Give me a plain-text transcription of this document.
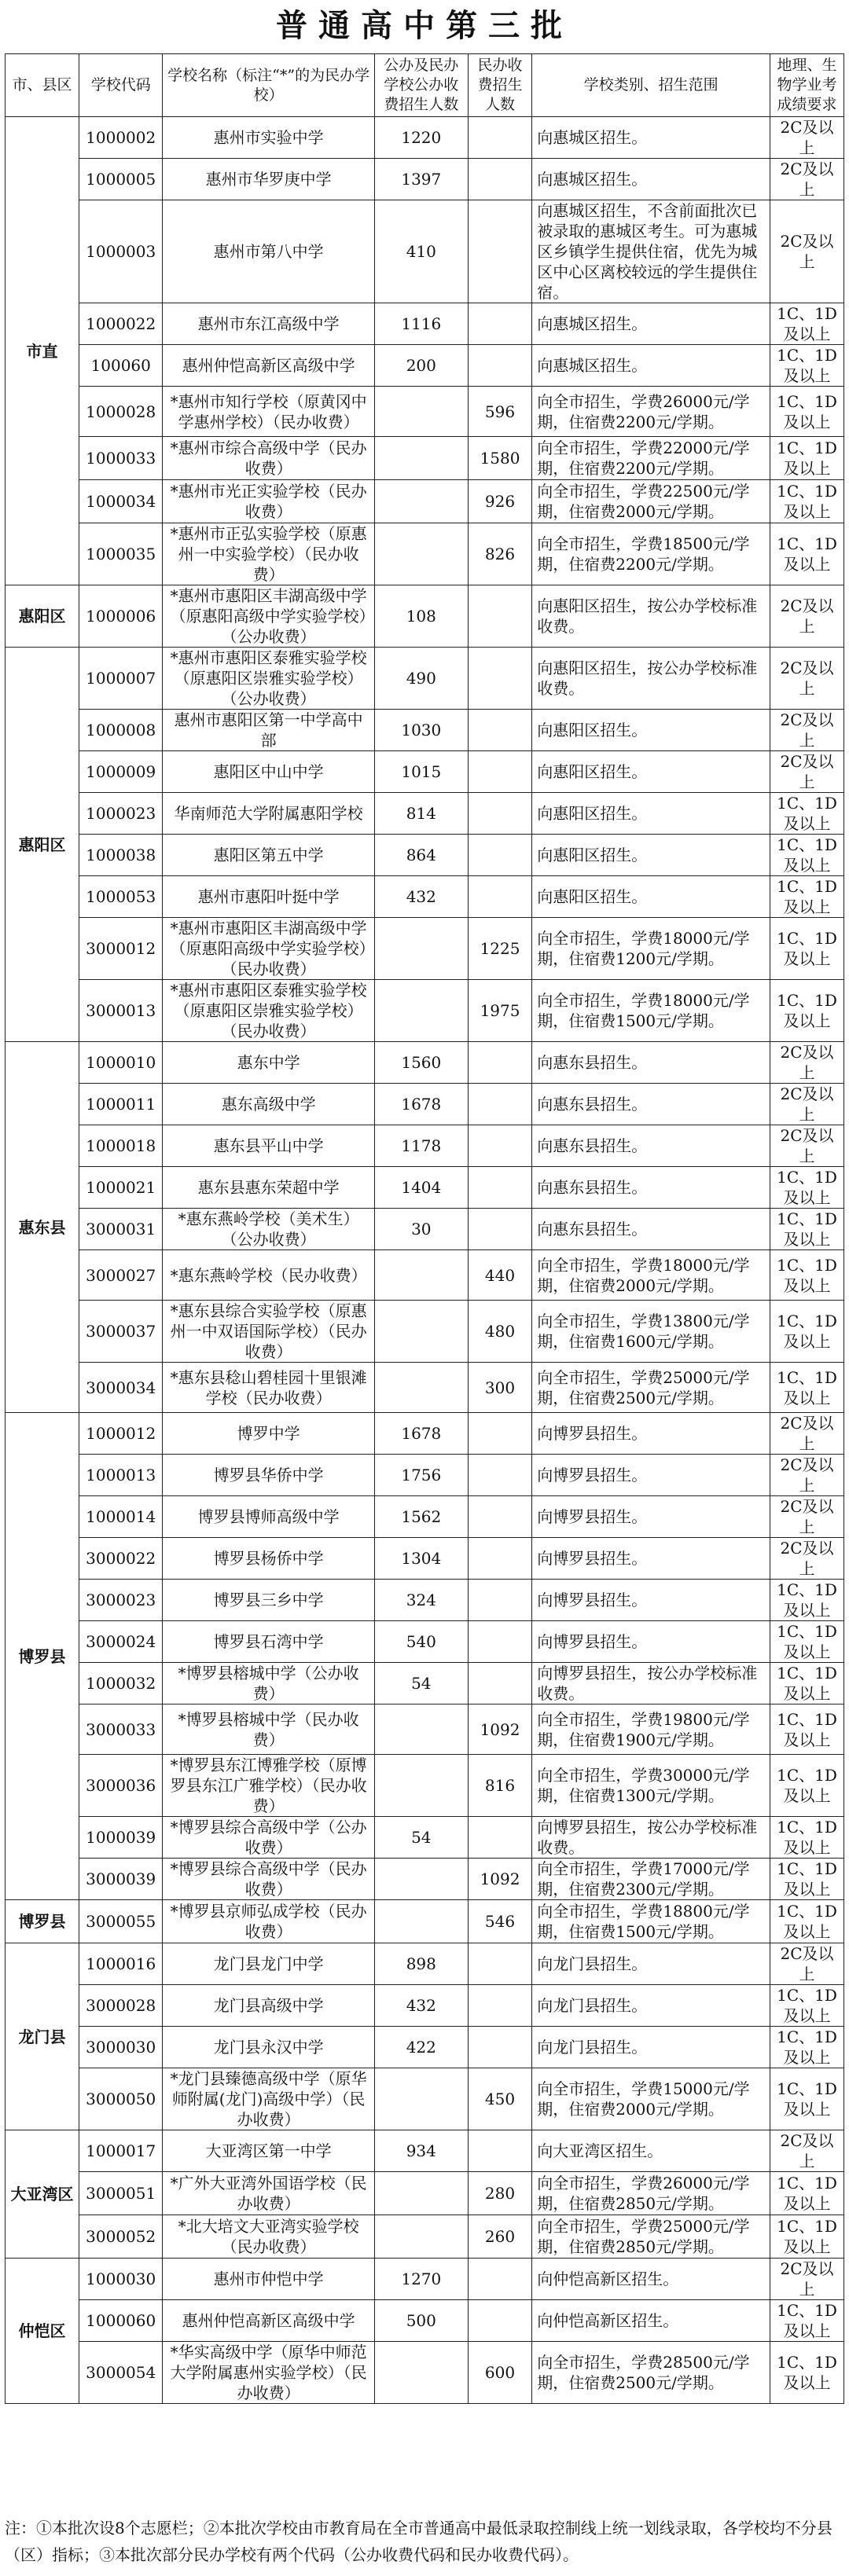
普通高中第三批
市、县区	学校代码	学校名称（标注“*”的为民办学校）	公办及民办学校公办收费招生人数	民办收费招生人数	学校类别、招生范围	地理、生物学业考成绩要求
市直	1000002	惠州市实验中学	1220		向惠城区招生。	2C及以上
	1000005	惠州市华罗庚中学	1397		向惠城区招生。	2C及以上
	1000003	惠州市第八中学	410		向惠城区招生，不含前面批次已被录取的惠城区考生。可为惠城区乡镇学生提供住宿，优先为城区中心区离校较远的学生提供住宿。	2C及以上
	1000022	惠州市东江高级中学	1116		向惠城区招生。	1C、1D及以上
	100060	惠州仲恺高新区高级中学	200		向惠城区招生。	1C、1D及以上
	1000028	*惠州市知行学校（原黄冈中学惠州学校）（民办收费）		596	向全市招生，学费26000元/学期，住宿费2200元/学期。	1C、1D及以上
	1000033	*惠州市综合高级中学（民办收费）		1580	向全市招生，学费22000元/学期，住宿费2200元/学期。	1C、1D及以上
	1000034	*惠州市光正实验学校（民办收费）		926	向全市招生，学费22500元/学期，住宿费2000元/学期。	1C、1D及以上
	1000035	*惠州市正弘实验学校（原惠州一中实验学校）（民办收费）		826	向全市招生，学费18500元/学期，住宿费2200元/学期。	1C、1D及以上
惠阳区	1000006	*惠州市惠阳区丰湖高级中学（原惠阳高级中学实验学校）（公办收费）	108		向惠阳区招生，按公办学校标准收费。	2C及以上
惠阳区	1000007	*惠州市惠阳区泰雅实验学校（原惠阳区崇雅实验学校）（公办收费）	490		向惠阳区招生，按公办学校标准收费。	2C及以上
	1000008	惠州市惠阳区第一中学高中部	1030		向惠阳区招生。	2C及以上
	1000009	惠阳区中山中学	1015		向惠阳区招生。	2C及以上
	1000023	华南师范大学附属惠阳学校	814		向惠阳区招生。	1C、1D及以上
	1000038	惠阳区第五中学	864		向惠阳区招生。	1C、1D及以上
	1000053	惠州市惠阳叶挺中学	432		向惠阳区招生。	1C、1D及以上
	3000012	*惠州市惠阳区丰湖高级中学（原惠阳高级中学实验学校）（民办收费）		1225	向全市招生，学费18000元/学期，住宿费1200元/学期。	1C、1D及以上
	3000013	*惠州市惠阳区泰雅实验学校（原惠阳区崇雅实验学校）（民办收费）		1975	向全市招生，学费18000元/学期，住宿费1500元/学期。	1C、1D及以上
惠东县	1000010	惠东中学	1560		向惠东县招生。	2C及以上
	1000011	惠东高级中学	1678		向惠东县招生。	2C及以上
	1000018	惠东县平山中学	1178		向惠东县招生。	2C及以上
	1000021	惠东县惠东荣超中学	1404		向惠东县招生。	1C、1D及以上
	3000031	*惠东燕岭学校（美术生）（公办收费）	30		向惠东县招生。	1C、1D及以上
	3000027	*惠东燕岭学校（民办收费）		440	向全市招生，学费18000元/学期，住宿费2000元/学期。	1C、1D及以上
	3000037	*惠东县综合实验学校（原惠州一中双语国际学校）（民办收费）		480	向全市招生，学费13800元/学期，住宿费1600元/学期。	1C、1D及以上
	3000034	*惠东县稔山碧桂园十里银滩学校（民办收费）		300	向全市招生，学费25000元/学期，住宿费2500元/学期。	1C、1D及以上
博罗县	1000012	博罗中学	1678		向博罗县招生。	2C及以上
	1000013	博罗县华侨中学	1756		向博罗县招生。	2C及以上
	1000014	博罗县博师高级中学	1562		向博罗县招生。	2C及以上
	3000022	博罗县杨侨中学	1304		向博罗县招生。	2C及以上
	3000023	博罗县三乡中学	324		向博罗县招生。	1C、1D及以上
	3000024	博罗县石湾中学	540		向博罗县招生。	1C、1D及以上
	1000032	*博罗县榕城中学（公办收费）	54		向博罗县招生，按公办学校标准收费。	1C、1D及以上
	3000033	*博罗县榕城中学（民办收费）		1092	向全市招生，学费19800元/学期，住宿费1900元/学期。	1C、1D及以上
	3000036	*博罗县东江博雅学校（原博罗县东江广雅学校）（民办收费）		816	向全市招生，学费30000元/学期，住宿费1300元/学期。	1C、1D及以上
	1000039	*博罗县综合高级中学（公办收费）	54		向博罗县招生，按公办学校标准收费。	1C、1D及以上
	3000039	*博罗县综合高级中学（民办收费）		1092	向全市招生，学费17000元/学期，住宿费2300元/学期。	1C、1D及以上
博罗县	3000055	*博罗县京师弘成学校（民办收费）		546	向全市招生，学费18800元/学期，住宿费1500元/学期。	1C、1D及以上
龙门县	1000016	龙门县龙门中学	898		向龙门县招生。	2C及以上
	3000028	龙门县高级中学	432		向龙门县招生。	1C、1D及以上
	3000030	龙门县永汉中学	422		向龙门县招生。	1C、1D及以上
	3000050	*龙门县臻德高级中学（原华师附属(龙门)高级中学）（民办收费）		450	向全市招生，学费15000元/学期，住宿费2000元/学期。	1C、1D及以上
大亚湾区	1000017	大亚湾区第一中学	934		向大亚湾区招生。	2C及以上
	3000051	*广外大亚湾外国语学校（民办收费）		280	向全市招生，学费26000元/学期，住宿费2850元/学期。	1C、1D及以上
	3000052	*北大培文大亚湾实验学校（民办收费）		260	向全市招生，学费25000元/学期，住宿费2850元/学期。	1C、1D及以上
仲恺区	1000030	惠州市仲恺中学	1270		向仲恺高新区招生。	2C及以上
	1000060	惠州仲恺高新区高级中学	500		向仲恺高新区招生。	1C、1D及以上
	3000054	*华实高级中学（原华中师范大学附属惠州实验学校）（民办收费）		600	向全市招生，学费28500元/学期，住宿费2500元/学期。	1C、1D及以上
注：①本批次设8个志愿栏；②本批次学校由市教育局在全市普通高中最低录取控制线上统一划线录取，各学校均不分县（区）指标；③本批次部分民办学校有两个代码（公办收费代码和民办收费代码）。
